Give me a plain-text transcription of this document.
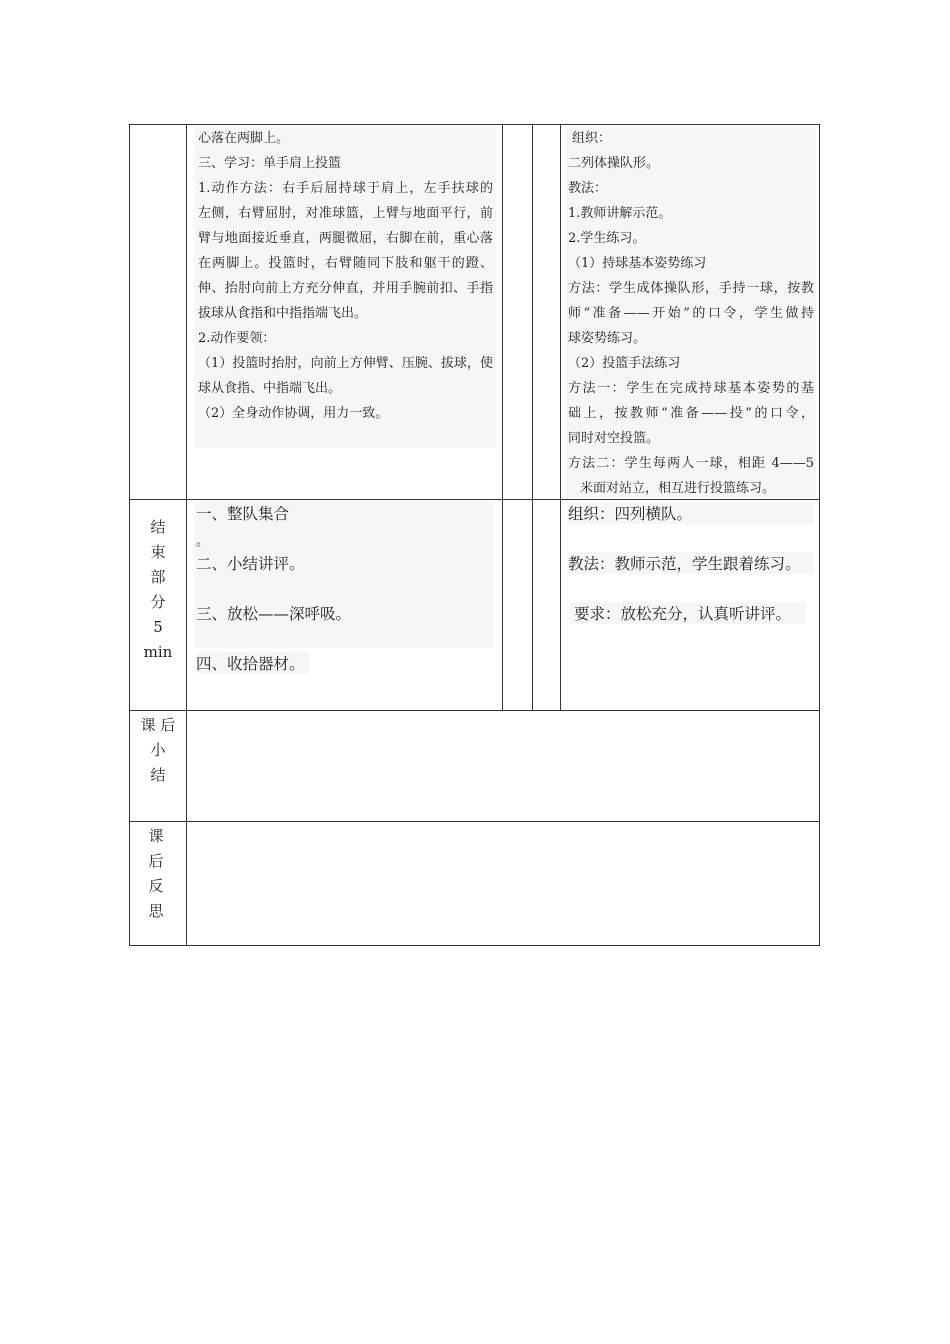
心落在两脚上。
三、学习：单手肩上投篮
1.动作方法：右手后屈持球于肩上，左手扶球的
左侧，右臂屈肘，对准球篮，上臂与地面平行，前
臂与地面接近垂直，两腿微屈，右脚在前，重心落
在两脚上。投篮时，右臂随同下肢和躯干的蹬、
伸、抬肘向前上方充分伸直，并用手腕前扣、手指
拔球从食指和中指指端飞出。
2.动作要领：
（1）投篮时抬肘，向前上方伸臂、压腕、拔球，使
球从食指、中指端飞出。
（2）全身动作协调，用力一致。
组织：
二列体操队形。
教法：
1.教师讲解示范。
2.学生练习。
（1）持球基本姿势练习
方法：学生成体操队形，手持一球，按教
师“准备——开始”的口令，学生做持
球姿势练习。
（2）投篮手法练习
方法一：学生在完成持球基本姿势的基
础上，按教师“准备——投”的口令，
同时对空投篮。
方法二：学生每两人一球，相距 4——5
米面对站立，相互进行投篮练习。
结
束
部
分
5
min
一、整队集合
。
二、小结讲评。
三、放松——深呼吸。
四、收拾器材。
组织：四列横队。
教法：教师示范，学生跟着练习。
要求：放松充分，认真听讲评。
课 后
小
结
课
后
反
思
